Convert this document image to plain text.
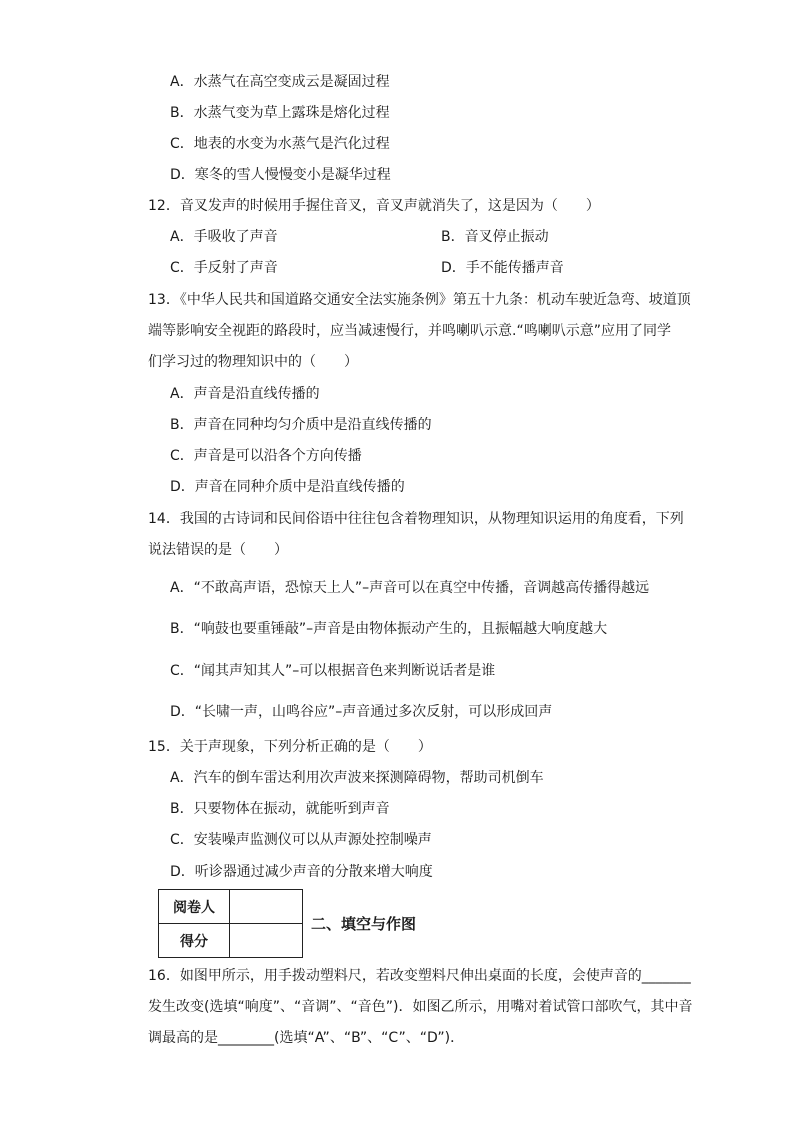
A．水蒸气在高空变成云是凝固过程
B．水蒸气变为草上露珠是熔化过程
C．地表的水变为水蒸气是汽化过程
D．寒冬的雪人慢慢变小是凝华过程
12．音叉发声的时候用手握住音叉，音叉声就消失了，这是因为（　　）
A．手吸收了声音	B．音叉停止振动
C．手反射了声音	D．手不能传播声音
13．《中华人民共和国道路交通安全法实施条例》第五十九条：机动车驶近急弯、坡道顶
端等影响安全视距的路段时，应当减速慢行，并鸣喇叭示意.“鸣喇叭示意”应用了同学
们学习过的物理知识中的（　　）
A．声音是沿直线传播的
B．声音在同种均匀介质中是沿直线传播的
C．声音是可以沿各个方向传播
D．声音在同种介质中是沿直线传播的
14．我国的古诗词和民间俗语中往往包含着物理知识，从物理知识运用的角度看，下列
说法错误的是（　　）
A．“不敢高声语，恐惊天上人”–声音可以在真空中传播，音调越高传播得越远
B．“响鼓也要重锤敲”–声音是由物体振动产生的，且振幅越大响度越大
C．“闻其声知其人”–可以根据音色来判断说话者是谁
D．“长啸一声，山鸣谷应”–声音通过多次反射，可以形成回声
15．关于声现象，下列分析正确的是（　　）
A．汽车的倒车雷达利用次声波来探测障碍物，帮助司机倒车
B．只要物体在振动，就能听到声音
C．安装噪声监测仪可以从声源处控制噪声
D．听诊器通过减少声音的分散来增大响度
阅卷人	
得分	
二、填空与作图
16．如图甲所示，用手拨动塑料尺，若改变塑料尺伸出桌面的长度，会使声音的_______
发生改变(选填“响度”、“音调”、“音色”)．如图乙所示，用嘴对着试管口部吹气，其中音
调最高的是________(选填“A”、“B”、“C”、“D”)．
